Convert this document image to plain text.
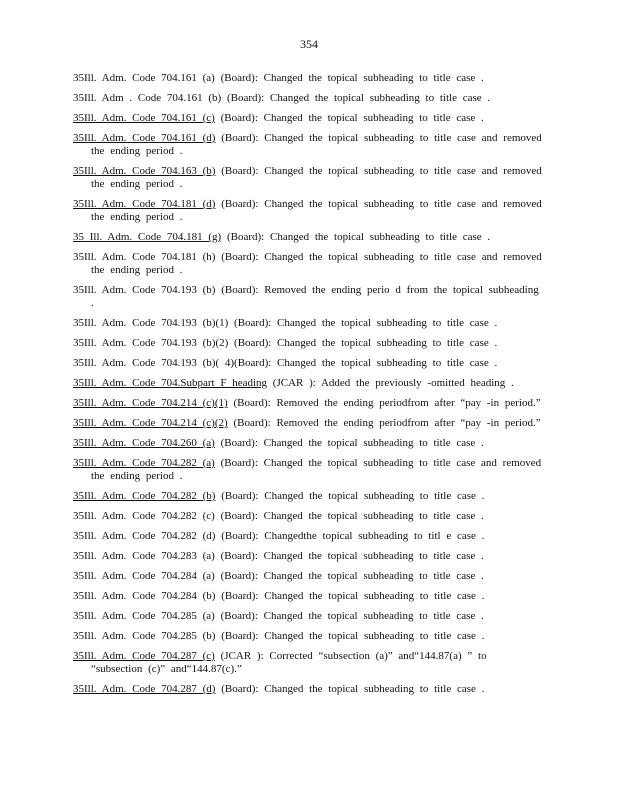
354

35Ill. Adm. Code 704.161 (a) (Board): Changed the topical subheading to title case .

35Ill. Adm . Code 704.161 (b) (Board): Changed the topical subheading to title case .

35Ill. Adm. Code 704.161 (c) (Board): Changed the topical subheading to title case .

35Ill. Adm. Code 704.161 (d) (Board): Changed the topical subheading to title case and removed the ending period .

35Ill. Adm. Code 704.163 (b) (Board): Changed the topical subheading to title case and removed the ending period .

35Ill. Adm. Code 704.181 (d) (Board): Changed the topical subheading to title case and removed the ending period .

35 Ill. Adm. Code 704.181 (g) (Board): Changed the topical subheading to title case .

35Ill. Adm. Code 704.181 (h) (Board): Changed the topical subheading to title case and removed the ending period .

35Ill. Adm. Code 704.193 (b) (Board): Removed the ending perio d from the topical subheading .

35Ill. Adm. Code 704.193 (b)(1) (Board): Changed the topical subheading to title case .

35Ill. Adm. Code 704.193 (b)(2) (Board): Changed the topical subheading to title case .

35Ill. Adm. Code 704.193 (b)( 4)(Board): Changed the topical subheading to title case .

35Ill. Adm. Code 704.Subpart F heading (JCAR ): Added the previously -omitted heading .

35Ill. Adm. Code 704.214 (c)(1) (Board): Removed the ending periodfrom after “pay -in period.”

35Ill. Adm. Code 704.214 (c)(2) (Board): Removed the ending periodfrom after “pay -in period.”

35Ill. Adm. Code 704.260 (a) (Board): Changed the topical subheading to title case .

35Ill. Adm. Code 704.282 (a) (Board): Changed the topical subheading to title case and removed the ending period .

35Ill. Adm. Code 704.282 (b) (Board): Changed the topical subheading to title case .

35Ill. Adm. Code 704.282 (c) (Board): Changed the topical subheading to title case .

35Ill. Adm. Code 704.282 (d) (Board): Changedthe topical subheading to titl e case .

35Ill. Adm. Code 704.283 (a) (Board): Changed the topical subheading to title case .

35Ill. Adm. Code 704.284 (a) (Board): Changed the topical subheading to title case .

35Ill. Adm. Code 704.284 (b) (Board): Changed the topical subheading to title case .

35Ill. Adm. Code 704.285 (a) (Board): Changed the topical subheading to title case .

35Ill. Adm. Code 704.285 (b) (Board): Changed the topical subheading to title case .

35Ill. Adm. Code 704.287 (c) (JCAR ): Corrected “subsection (a)” and“144.87(a) ” to “subsection (c)” and“144.87(c).”

35Ill. Adm. Code 704.287 (d) (Board): Changed the topical subheading to title case .
